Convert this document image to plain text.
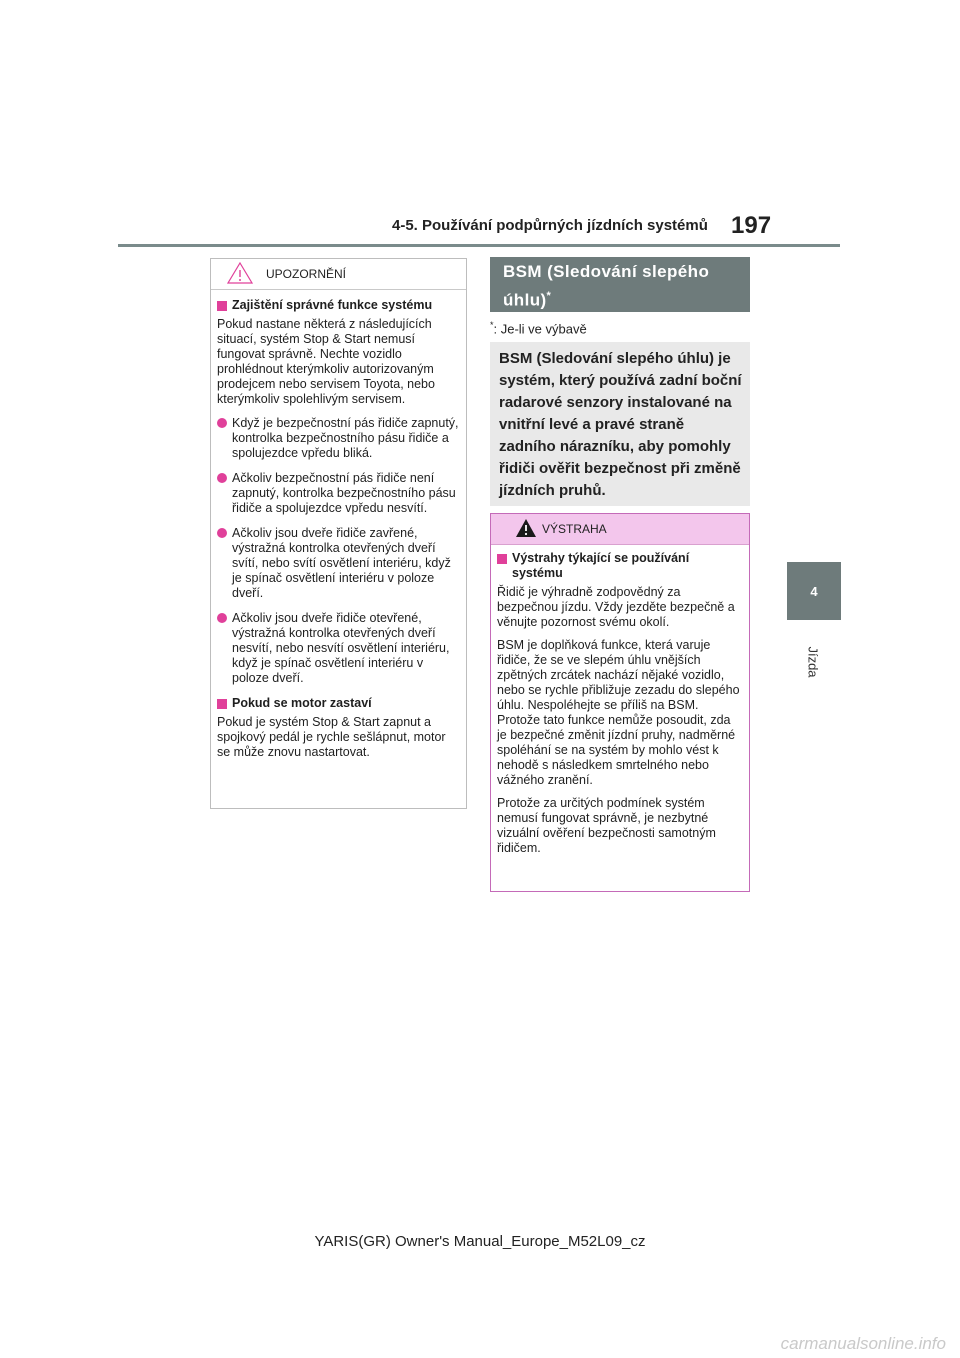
4-5. Používání podpůrných jízdních systémů 197
4
Jízda
UPOZORNĚNÍ
Zajištění správné funkce systému

Pokud nastane některá z následujících situací, systém Stop & Start nemusí fungovat správně. Nechte vozidlo prohlédnout kterýmkoliv autorizovaným prodejcem nebo servisem Toyota, nebo kterýmkoliv spolehlivým servisem.

Když je bezpečnostní pás řidiče zapnutý, kontrolka bezpečnostního pásu řidiče a spolujezdce vpředu bliká.
Ačkoliv bezpečnostní pás řidiče není zapnutý, kontrolka bezpečnostního pásu řidiče a spolujezdce vpředu nesvítí.
Ačkoliv jsou dveře řidiče zavřené, výstražná kontrolka otevřených dveří svítí, nebo svítí osvětlení interiéru, když je spínač osvětlení interiéru v poloze dveří.
Ačkoliv jsou dveře řidiče otevřené, výstražná kontrolka otevřených dveří nesvítí, nebo nesvítí osvětlení interiéru, když je spínač osvětlení interiéru v poloze dveří.
Pokud se motor zastaví

Pokud je systém Stop & Start zapnut a spojkový pedál je rychle sešlápnut, motor se může znovu nastartovat.

BSM (Sledování slepého úhlu)*
*: Je-li ve výbavě
BSM (Sledování slepého úhlu) je systém, který používá zadní boční radarové senzory instalované na vnitřní levé a pravé straně zadního nárazníku, aby pomohly řidiči ověřit bezpečnost při změně jízdních pruhů.
VÝSTRAHA
Výstrahy týkající se používání systému

Řidič je výhradně zodpovědný za bezpečnou jízdu. Vždy jezděte bezpečně a věnujte pozornost svému okolí.

BSM je doplňková funkce, která varuje řidiče, že se ve slepém úhlu vnějších zpětných zrcátek nachází nějaké vozidlo, nebo se rychle přibližuje zezadu do slepého úhlu. Nespoléhejte se příliš na BSM. Protože tato funkce nemůže posoudit, zda je bezpečné změnit jízdní pruhy, nadměrné spoléhání se na systém by mohlo vést k nehodě s následkem smrtelného nebo vážného zranění.

Protože za určitých podmínek systém nemusí fungovat správně, je nezbytné vizuální ověření bezpečnosti samotným řidičem.

YARIS(GR) Owner's Manual_Europe_M52L09_cz
carmanualsonline.info
